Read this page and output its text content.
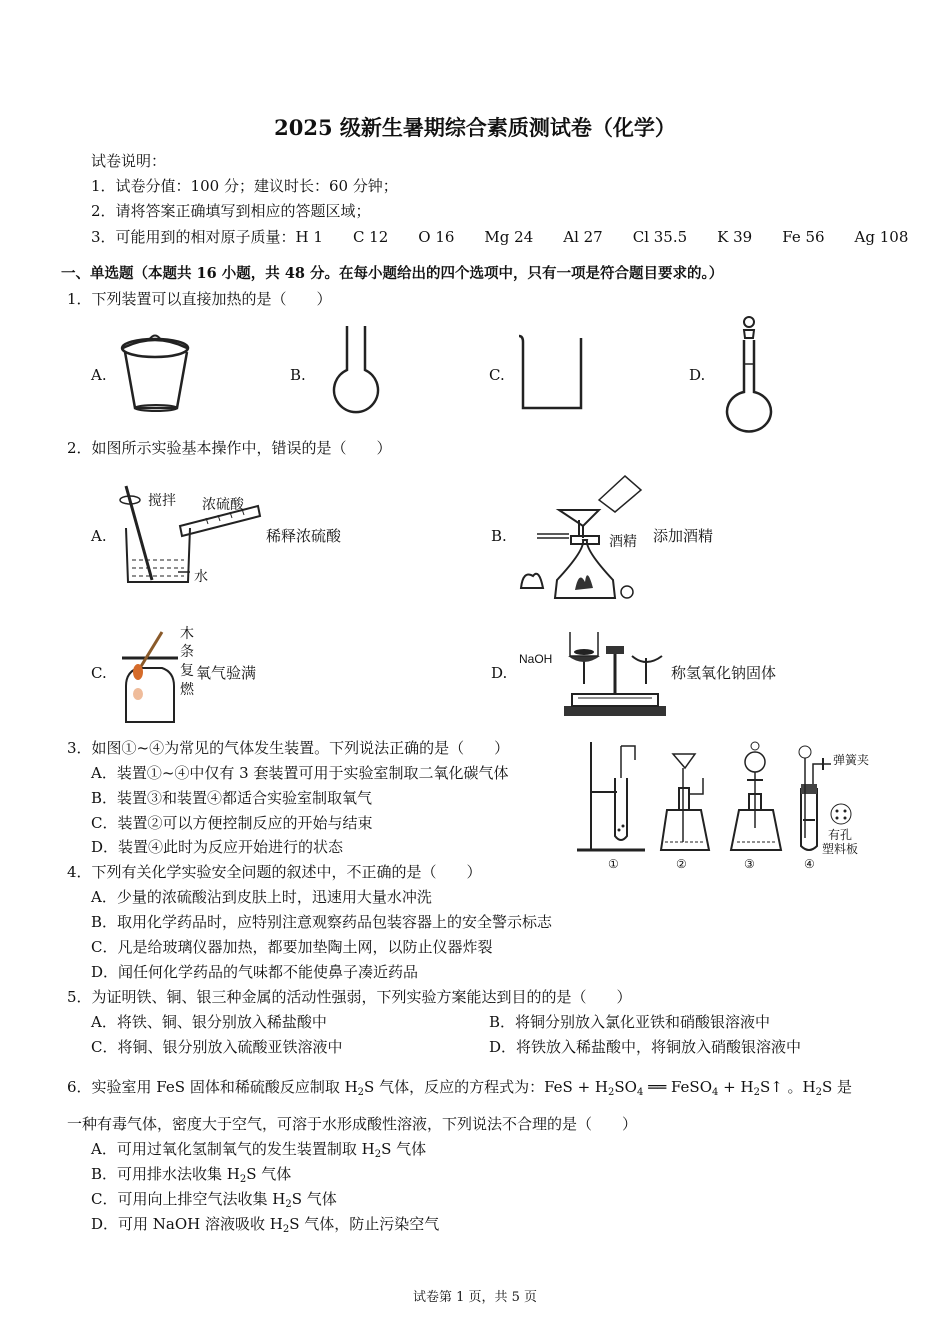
2025 级新生暑期综合素质测试卷（化学）
试卷说明：
1．试卷分值：100 分；建议时长：60 分钟；
2．请将答案正确填写到相应的答题区域；
3．可能用到的相对原子质量：H 1　　C 12　　O 16　　Mg 24　　Al 27　　Cl 35.5　　K 39　　Fe 56　　Ag 108
一、单选题（本题共 16 小题，共 48 分。在每小题给出的四个选项中，只有一项是符合题目要求的。）
1．下列装置可以直接加热的是（　　）
A.	B.	C.	D.
2．如图所示实验基本操作中，错误的是（　　）
A.
搅拌 浓硫酸
水
稀释浓硫酸	B.	酒精 添加酒精
C.
木
条
复
燃
氧气验满	D.
NaOH
称氢氧化钠固体
3．如图①~④为常见的气体发生装置。下列说法正确的是（　　）
A．装置①~④中仅有 3 套装置可用于实验室制取二氧化碳气体
B．装置③和装置④都适合实验室制取氧气
C．装置②可以方便控制反应的开始与结束
D．装置④此时为反应开始进行的状态
弹簧夹
有孔
塑料板
①	②	③	④
4．下列有关化学实验安全问题的叙述中，不正确的是（　　）
A．少量的浓硫酸沾到皮肤上时，迅速用大量水冲洗
B．取用化学药品时，应特别注意观察药品包装容器上的安全警示标志
C．凡是给玻璃仪器加热，都要加垫陶土网，以防止仪器炸裂
D．闻任何化学药品的气味都不能使鼻子凑近药品
5．为证明铁、铜、银三种金属的活动性强弱，下列实验方案能达到目的的是（　　）
A．将铁、铜、银分别放入稀盐酸中	B．将铜分别放入氯化亚铁和硝酸银溶液中
C．将铜、银分别放入硫酸亚铁溶液中	D．将铁放入稀盐酸中，将铜放入硝酸银溶液中
6．实验室用 FeS 固体和稀硫酸反应制取 $H_2S$ 气体，反应的方程式为：FeS + $H_2SO_4$ ══ FeSO$_4$ + $H_2S↑$ 。$H_2S$ 是
一种有毒气体，密度大于空气，可溶于水形成酸性溶液，下列说法不合理的是（　　）
A．可用过氧化氢制氧气的发生装置制取 $H_2S$ 气体
B．可用排水法收集 $H_2S$ 气体
C．可用向上排空气法收集 $H_2S$ 气体
D．可用 NaOH 溶液吸收 $H_2S$ 气体，防止污染空气
试卷第 1 页，共 5 页
